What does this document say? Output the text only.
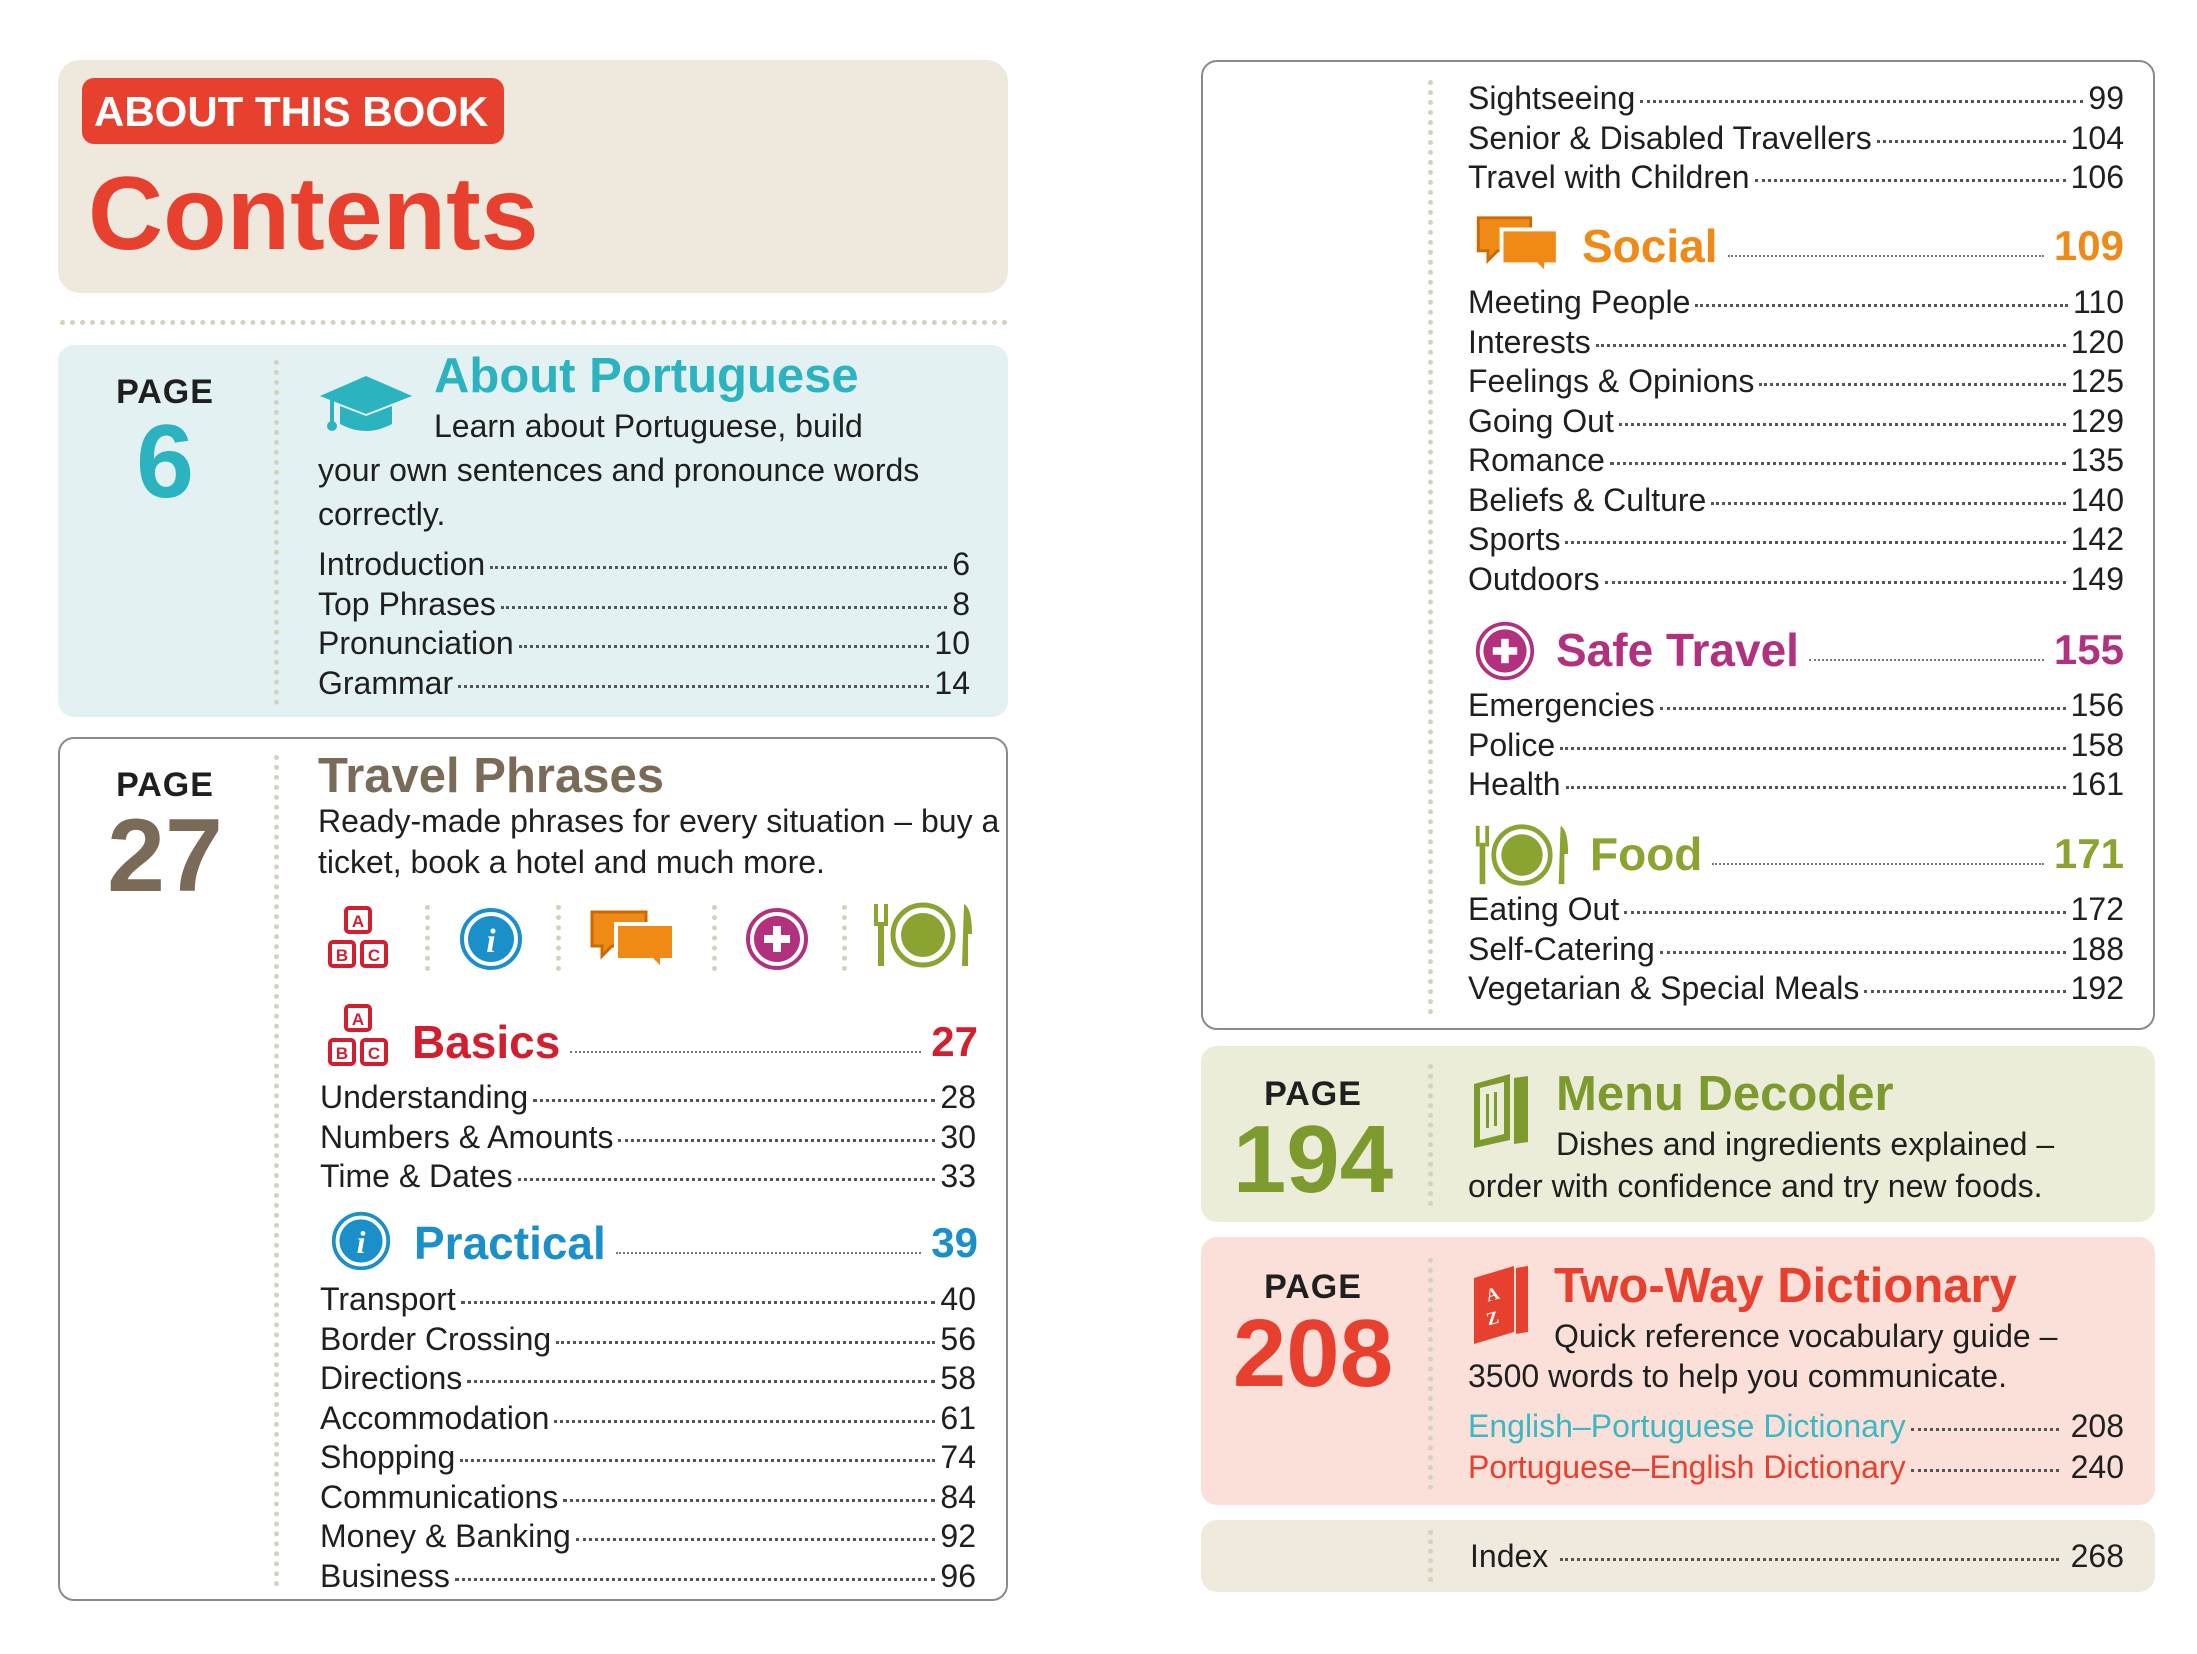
ABOUT THIS BOOK
Contents
PAGE
6
About Portuguese
Learn about Portuguese, build
your own sentences and pronounce words correctly.
Introduction	6
Top Phrases	8
Pronunciation	10
Grammar	14
PAGE
27
Travel Phrases
Ready-made phrases for every situation – buy a ticket, book a hotel and much more.
A
B C	i
A
B C Basics	27
Understanding	28
Numbers & Amounts	30
Time & Dates	33
i Practical	39
Transport	40
Border Crossing	56
Directions	58
Accommodation	61
Shopping	74
Communications	84
Money & Banking	92
Business	96
Sightseeing	99
Senior & Disabled Travellers	104
Travel with Children	106
Social	109
Meeting People	110
Interests	120
Feelings & Opinions	125
Going Out	129
Romance	135
Beliefs & Culture	140
Sports	142
Outdoors	149
Safe Travel	155
Emergencies	156
Police	158
Health	161
Food	171
Eating Out	172
Self-Catering	188
Vegetarian & Special Meals	192
PAGE
194
Menu Decoder
Dishes and ingredients explained –
order with confidence and try new foods.
PAGE
208
A
Z
Two-Way Dictionary
Quick reference vocabulary guide –
3500 words to help you communicate.
English–Portuguese Dictionary	208
Portuguese–English Dictionary	240
Index	268
